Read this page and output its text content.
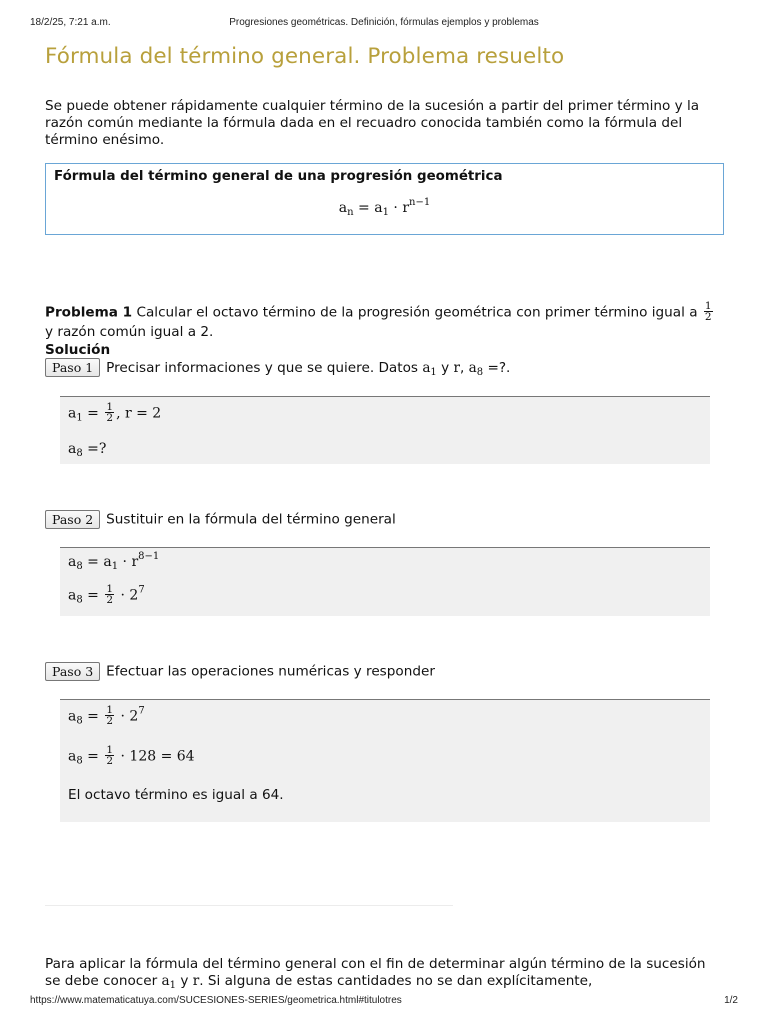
18/2/25, 7:21 a.m.	Progresiones geométricas. Definición, fórmulas ejemplos y problemas
Fórmula del término general. Problema resuelto

Se puede obtener rápidamente cualquier término de la sucesión a partir del primer término y la razón común mediante la fórmula dada en el recuadro conocida también como la fórmula del término enésimo.

Fórmula del término general de una progresión geométrica
$a_n = a_1 \cdot r^{n-1}$
Problema 1 Calcular el octavo término de la progresión geométrica con primer término igual a $\frac{1}{2}$
y razón común igual a 2.
Solución
Paso 1 Precisar informaciones y que se quiere. Datos $a_1$ y r, $a_8$ =?.
$a_1 = \frac{1}{2}$ , r = 2
$a_8$ =?
Paso 2 Sustituir en la fórmula del término general
$a_8 = a_1 \cdot r^{8-1}$
$a_8 = \frac{1}{2} \cdot 2^7$
Paso 3 Efectuar las operaciones numéricas y responder
$a_8 = \frac{1}{2} \cdot 2^7$
$a_8 = \frac{1}{2} \cdot 128 = 64$
El octavo término es igual a 64.

Para aplicar la fórmula del término general con el fin de determinar algún término de la sucesión se debe conocer $a_1$ y r. Si alguna de estas cantidades no se dan explícitamente,

https://www.matematicatuya.com/SUCESIONES-SERIES/geometrica.html#titulotres	1/2
